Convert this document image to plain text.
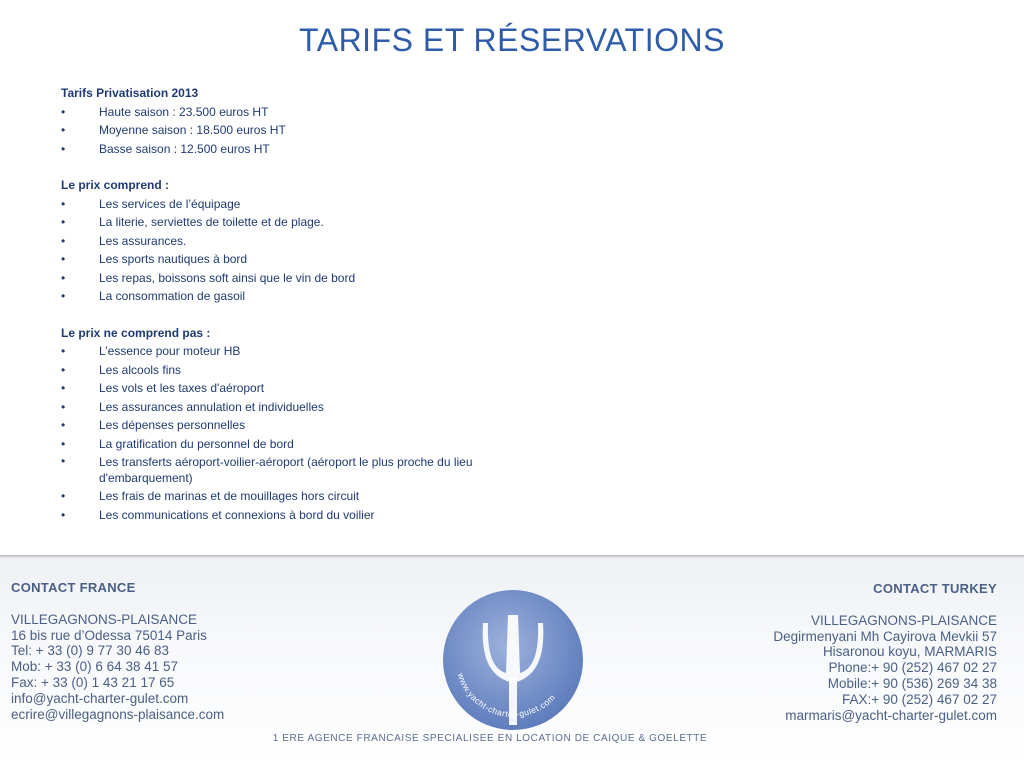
TARIFS ET RÉSERVATIONS

Tarifs Privatisation 2013

•	Haute saison : 23.500 euros HT
•	Moyenne saison : 18.500 euros HT
•	Basse saison : 12.500 euros HT

Le prix comprend :

•	Les services de l’équipage
•	La literie, serviettes de toilette et de plage.
•	Les assurances.
•	Les sports nautiques à bord
•	Les repas, boissons soft ainsi que le vin de bord
•	La consommation de gasoil

Le prix ne comprend pas :

•	L’essence pour moteur HB
•	Les alcools fins
•	Les vols et les taxes d'aéroport
•	Les assurances annulation et individuelles
•	Les dépenses personnelles
•	La gratification du personnel de bord
•	Les transferts aéroport-voilier-aéroport (aéroport le plus proche du lieu d'embarquement)
•	Les frais de marinas et de mouillages hors circuit
•	Les communications et connexions à bord du voilier
CONTACT FRANCE
VILLEGAGNONS-PLAISANCE
16 bis rue d’Odessa 75014 Paris
Tel: + 33 (0) 9 77 30 46 83
Mob: + 33 (0) 6 64 38 41 57
Fax: + 33 (0) 1 43 21 17 65
info@yacht-charter-gulet.com
ecrire@villegagnons-plaisance.com
CONTACT TURKEY
VILLEGAGNONS-PLAISANCE
Degirmenyani Mh Cayirova Mevkii 57
Hisaronou koyu, MARMARIS
Phone:+ 90 (252) 467 02 27
Mobile:+ 90 (536) 269 34 38
FAX:+ 90 (252) 467 02 27
marmaris@yacht-charter-gulet.com
www.yacht-charter-gulet.com
1 ERE AGENCE FRANCAISE SPECIALISEE EN LOCATION DE CAIQUE & GOELETTE
